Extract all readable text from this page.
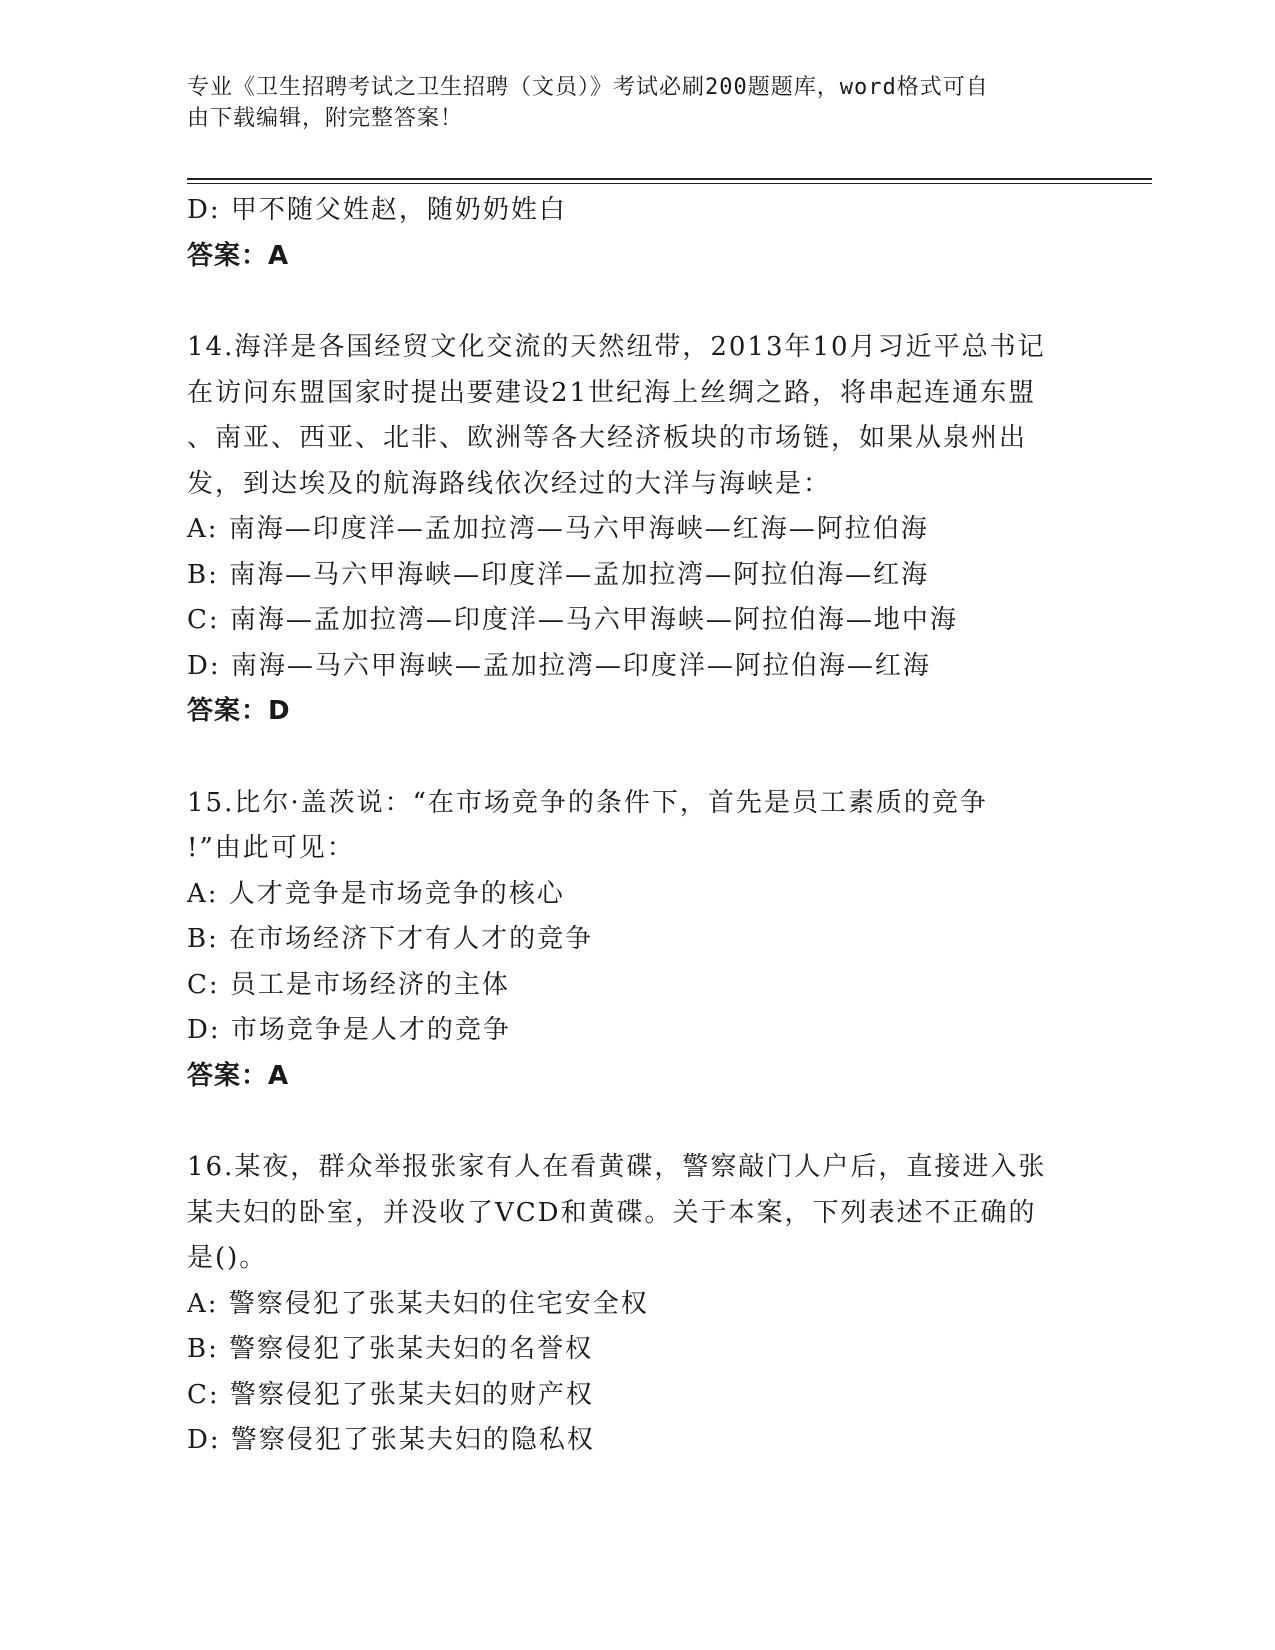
专业《卫生招聘考试之卫生招聘（文员）》考试必刷200题题库，word格式可自
由下载编辑，附完整答案！
D: 甲不随父姓赵，随奶奶姓白
答案：A
14.海洋是各国经贸文化交流的天然纽带，2013年10月习近平总书记
在访问东盟国家时提出要建设21世纪海上丝绸之路，将串起连通东盟
、南亚、西亚、北非、欧洲等各大经济板块的市场链，如果从泉州出
发，到达埃及的航海路线依次经过的大洋与海峡是：
A: 南海—印度洋—孟加拉湾—马六甲海峡—红海—阿拉伯海
B: 南海—马六甲海峡—印度洋—孟加拉湾—阿拉伯海—红海
C: 南海—孟加拉湾—印度洋—马六甲海峡—阿拉伯海—地中海
D: 南海—马六甲海峡—孟加拉湾—印度洋—阿拉伯海—红海
答案：D
15.比尔·盖茨说：“在市场竞争的条件下，首先是员工素质的竞争
!”由此可见：
A: 人才竞争是市场竞争的核心
B: 在市场经济下才有人才的竞争
C: 员工是市场经济的主体
D: 市场竞争是人才的竞争
答案：A
16.某夜，群众举报张家有人在看黄碟，警察敲门人户后，直接进入张
某夫妇的卧室，并没收了VCD和黄碟。关于本案，下列表述不正确的
是()。
A: 警察侵犯了张某夫妇的住宅安全权
B: 警察侵犯了张某夫妇的名誉权
C: 警察侵犯了张某夫妇的财产权
D: 警察侵犯了张某夫妇的隐私权
